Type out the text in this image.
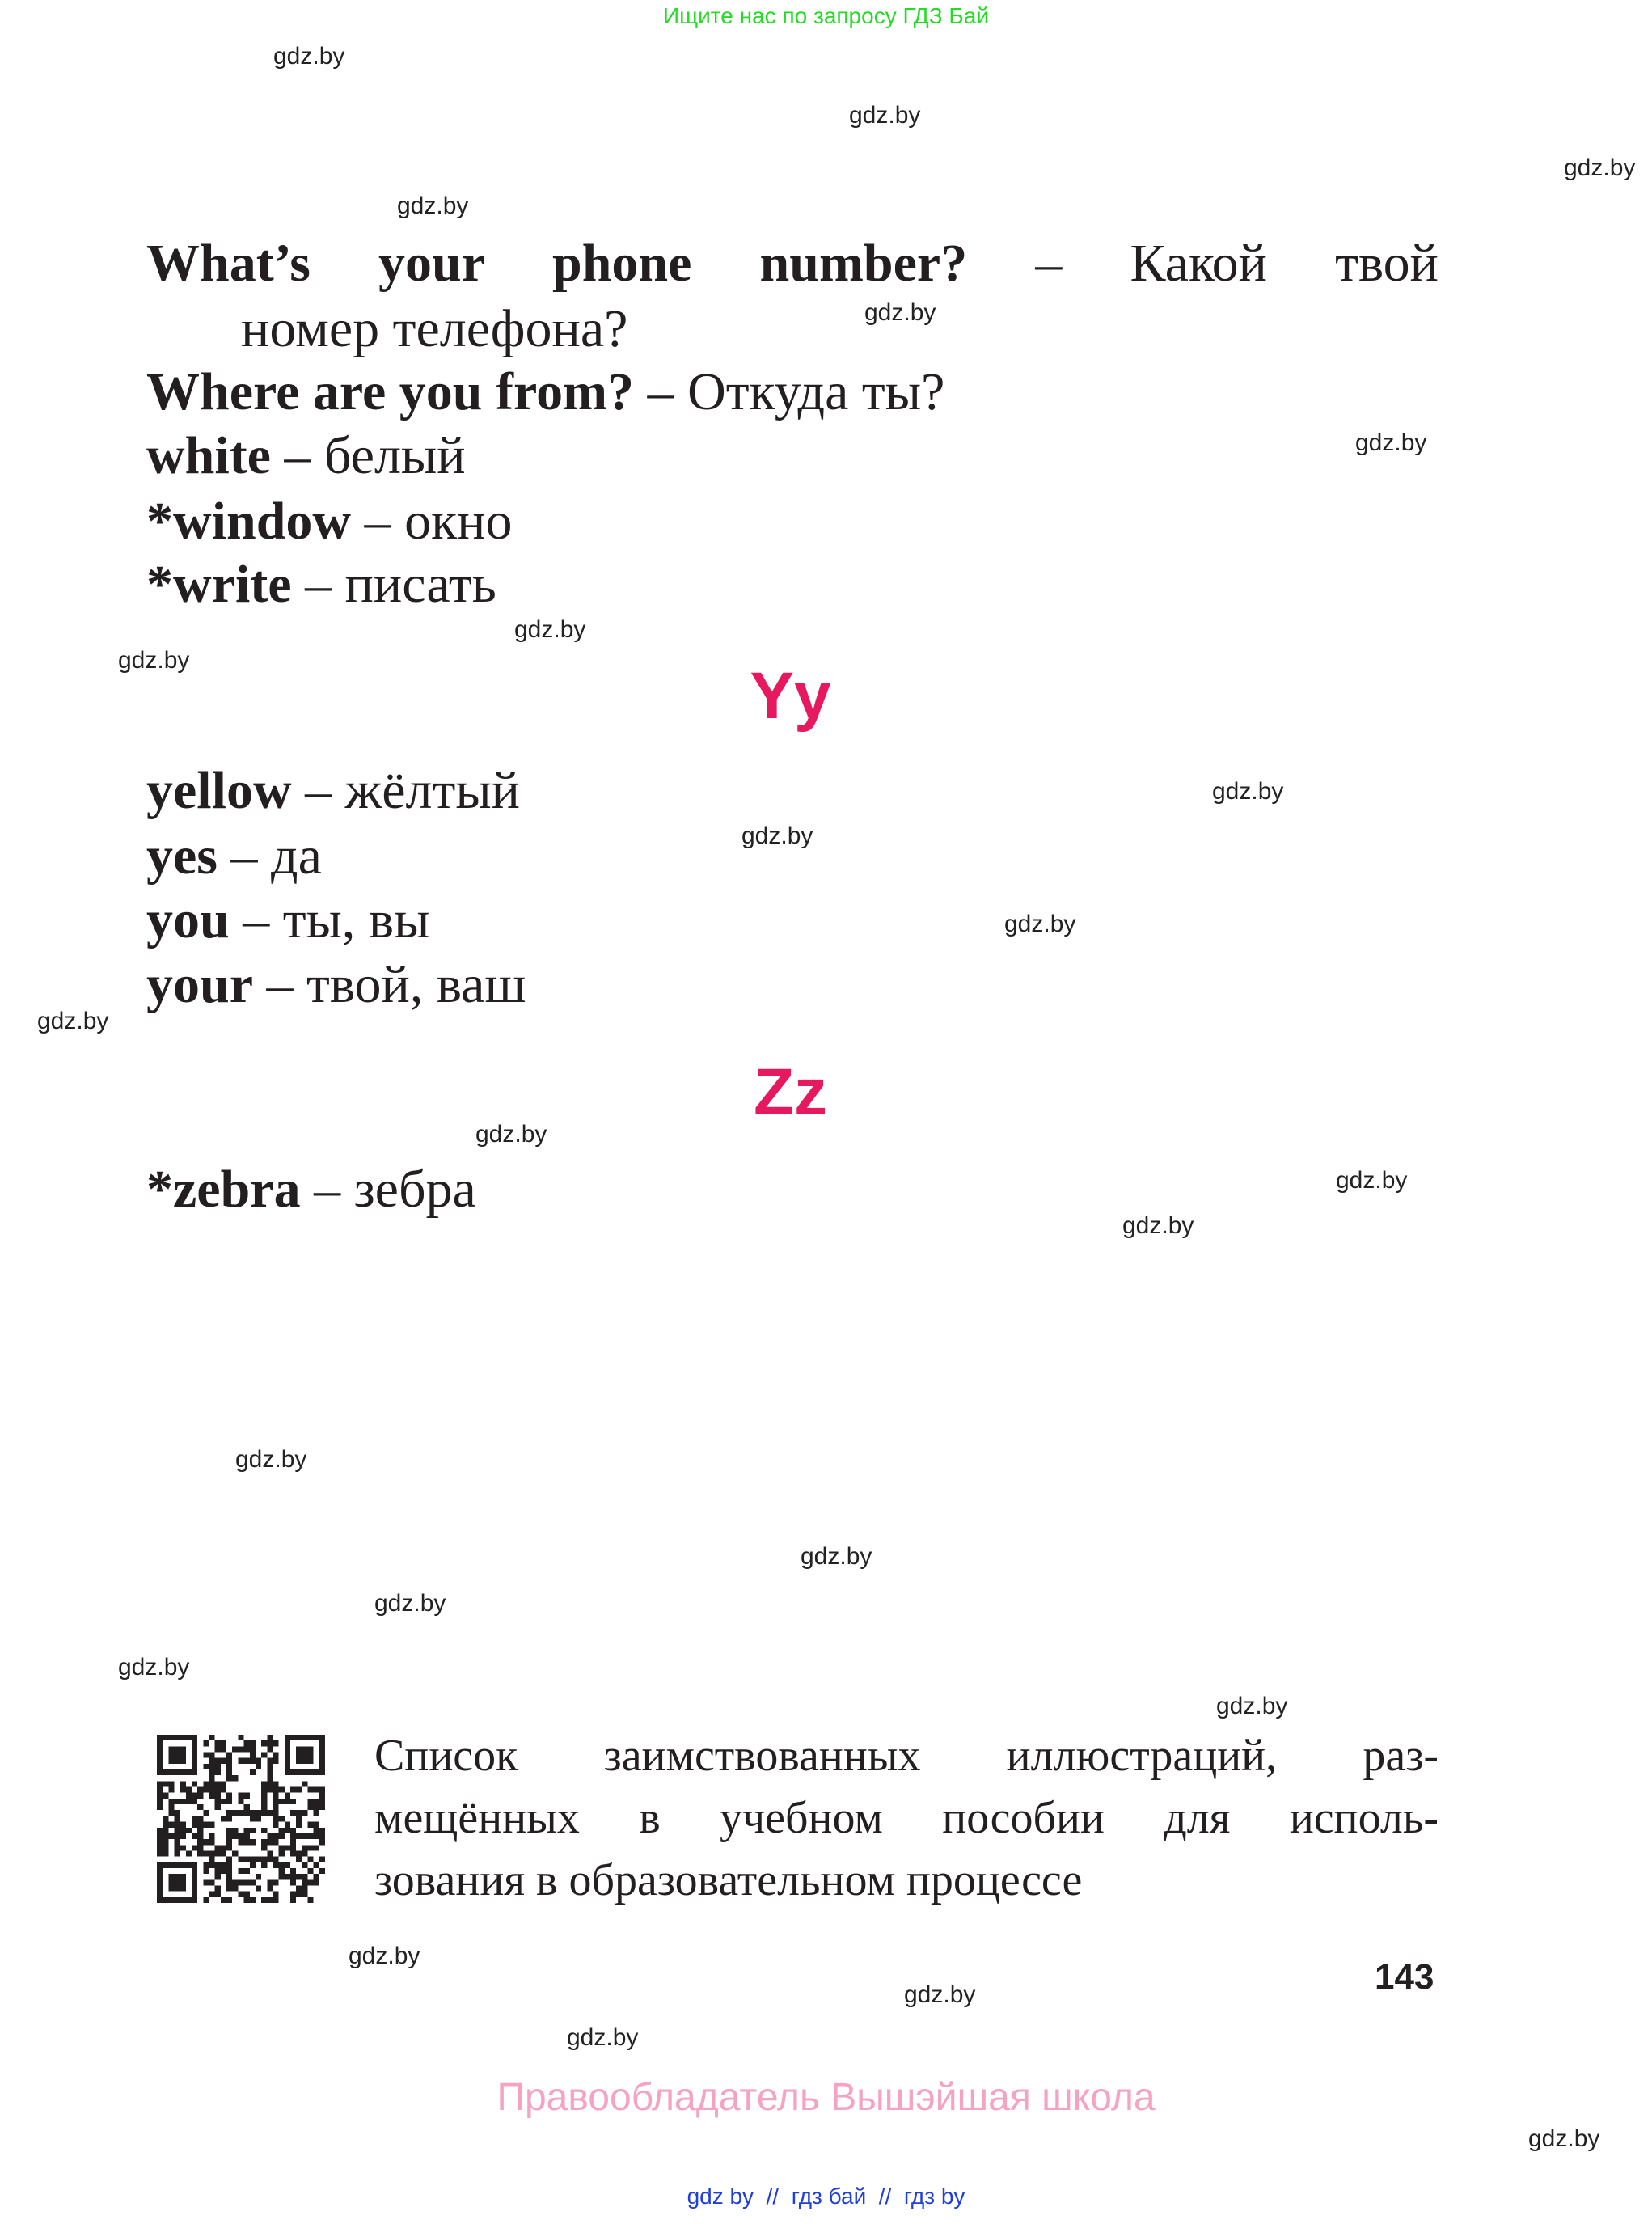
Ищите нас по запросу ГДЗ Бай
gdz.by
gdz.by
gdz.by
gdz.by
gdz.by
gdz.by
gdz.by
gdz.by
gdz.by
gdz.by
gdz.by
gdz.by
gdz.by
gdz.by
gdz.by
gdz.by
gdz.by
gdz.by
gdz.by
gdz.by
gdz.by
gdz.by
gdz.by
gdz.by
What’s your phone number? – Какой твой
номер телефона?
Where are you from? – Откуда ты?
white – белый
*window – окно
*write – писать
Yy
yellow – жёлтый
yes – да
you – ты, вы
your – твой, ваш
Zz
*zebra – зебра
Список заимствованных иллюстраций, раз-
мещённых в учебном пособии для исполь-
зования в образовательном процессе
143
Правообладатель Вышэйшая школа
gdz by  //  гдз бай  //  гдз by
